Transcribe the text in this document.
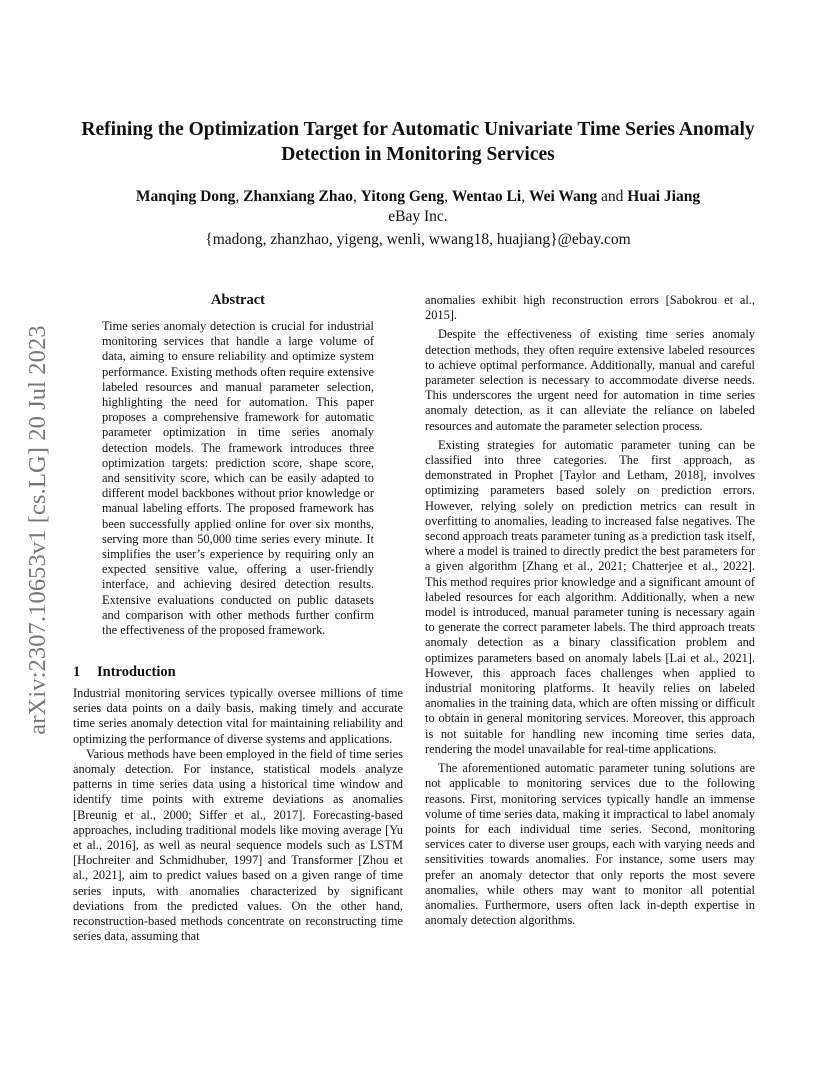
arXiv:2307.10653v1 [cs.LG] 20 Jul 2023
Refining the Optimization Target for Automatic Univariate Time Series Anomaly Detection in Monitoring Services
Manqing Dong, Zhanxiang Zhao, Yitong Geng, Wentao Li, Wei Wang and Huai Jiang
eBay Inc.
{madong, zhanzhao, yigeng, wenli, wwang18, huajiang}@ebay.com
Abstract
Time series anomaly detection is crucial for industrial monitoring services that handle a large volume of data, aiming to ensure reliability and optimize system performance. Existing methods often require extensive labeled resources and manual parameter selection, highlighting the need for automation. This paper proposes a comprehensive framework for automatic parameter optimization in time series anomaly detection models. The framework introduces three optimization targets: prediction score, shape score, and sensitivity score, which can be easily adapted to different model backbones without prior knowledge or manual labeling efforts. The proposed framework has been successfully applied online for over six months, serving more than 50,000 time series every minute. It simplifies the user’s experience by requiring only an expected sensitive value, offering a user-friendly interface, and achieving desired detection results. Extensive evaluations conducted on public datasets and comparison with other methods further confirm the effectiveness of the proposed framework.
1 Introduction

Industrial monitoring services typically oversee millions of time series data points on a daily basis, making timely and accurate time series anomaly detection vital for maintaining reliability and optimizing the performance of diverse systems and applications.

Various methods have been employed in the field of time series anomaly detection. For instance, statistical models analyze patterns in time series data using a historical time window and identify time points with extreme deviations as anomalies [Breunig et al., 2000; Siffer et al., 2017]. Forecasting-based approaches, including traditional models like moving average [Yu et al., 2016], as well as neural sequence models such as LSTM [Hochreiter and Schmidhuber, 1997] and Transformer [Zhou et al., 2021], aim to predict values based on a given range of time series inputs, with anomalies characterized by significant deviations from the predicted values. On the other hand, reconstruction-based methods concentrate on reconstructing time series data, assuming that

anomalies exhibit high reconstruction errors [Sabokrou et al., 2015].

Despite the effectiveness of existing time series anomaly detection methods, they often require extensive labeled resources to achieve optimal performance. Additionally, manual and careful parameter selection is necessary to accommodate diverse needs. This underscores the urgent need for automation in time series anomaly detection, as it can alleviate the reliance on labeled resources and automate the parameter selection process.

Existing strategies for automatic parameter tuning can be classified into three categories. The first approach, as demonstrated in Prophet [Taylor and Letham, 2018], involves optimizing parameters based solely on prediction errors. However, relying solely on prediction metrics can result in overfitting to anomalies, leading to increased false negatives. The second approach treats parameter tuning as a prediction task itself, where a model is trained to directly predict the best parameters for a given algorithm [Zhang et al., 2021; Chatterjee et al., 2022]. This method requires prior knowledge and a significant amount of labeled resources for each algorithm. Additionally, when a new model is introduced, manual parameter tuning is necessary again to generate the correct parameter labels. The third approach treats anomaly detection as a binary classification problem and optimizes parameters based on anomaly labels [Lai et al., 2021]. However, this approach faces challenges when applied to industrial monitoring platforms. It heavily relies on labeled anomalies in the training data, which are often missing or difficult to obtain in general monitoring services. Moreover, this approach is not suitable for handling new incoming time series data, rendering the model unavailable for real-time applications.

The aforementioned automatic parameter tuning solutions are not applicable to monitoring services due to the following reasons. First, monitoring services typically handle an immense volume of time series data, making it impractical to label anomaly points for each individual time series. Second, monitoring services cater to diverse user groups, each with varying needs and sensitivities towards anomalies. For instance, some users may prefer an anomaly detector that only reports the most severe anomalies, while others may want to monitor all potential anomalies. Furthermore, users often lack in-depth expertise in anomaly detection algorithms.
